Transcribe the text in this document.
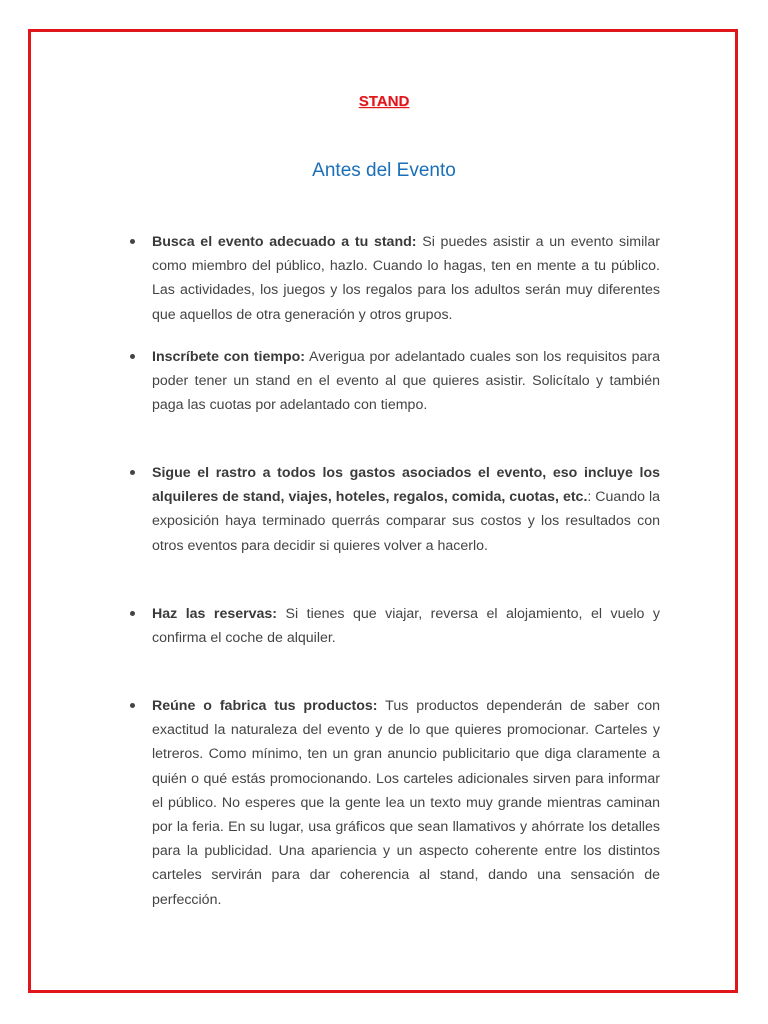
STAND
Antes del Evento
Busca el evento adecuado a tu stand: Si puedes asistir a un evento similar como miembro del público, hazlo. Cuando lo hagas, ten en mente a tu público. Las actividades, los juegos y los regalos para los adultos serán muy diferentes que aquellos de otra generación y otros grupos.
Inscríbete con tiempo: Averigua por adelantado cuales son los requisitos para poder tener un stand en el evento al que quieres asistir. Solicítalo y también paga las cuotas por adelantado con tiempo.
Sigue el rastro a todos los gastos asociados el evento, eso incluye los alquileres de stand, viajes, hoteles, regalos, comida, cuotas, etc.: Cuando la exposición haya terminado querrás comparar sus costos y los resultados con otros eventos para decidir si quieres volver a hacerlo.
Haz las reservas: Si tienes que viajar, reversa el alojamiento, el vuelo y confirma el coche de alquiler.
Reúne o fabrica tus productos: Tus productos dependerán de saber con exactitud la naturaleza del evento y de lo que quieres promocionar. Carteles y letreros. Como mínimo, ten un gran anuncio publicitario que diga claramente a quién o qué estás promocionando. Los carteles adicionales sirven para informar el público. No esperes que la gente lea un texto muy grande mientras caminan por la feria. En su lugar, usa gráficos que sean llamativos y ahórrate los detalles para la publicidad. Una apariencia y un aspecto coherente entre los distintos carteles servirán para dar coherencia al stand, dando una sensación de perfección.
